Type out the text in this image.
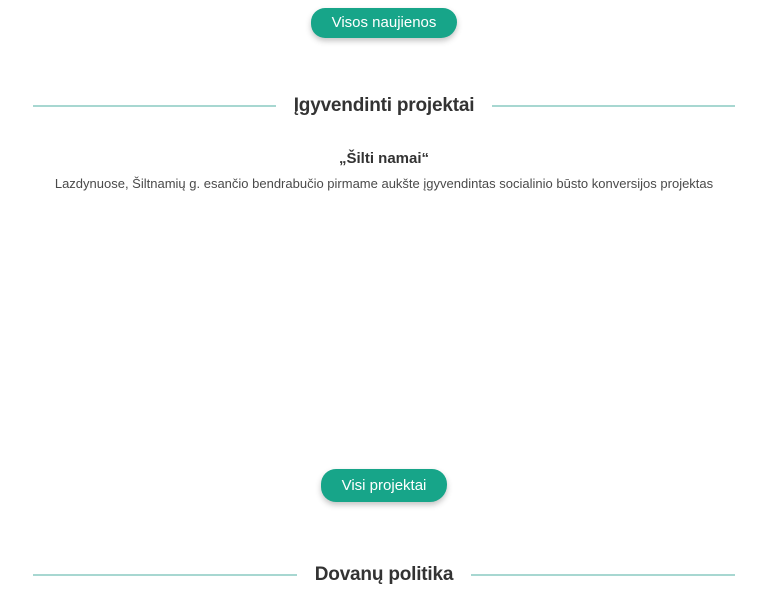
Visos naujienos
Įgyvendinti projektai
„Šilti namai“
Lazdynuose, Šiltnamių g. esančio bendrabučio pirmame aukšte įgyvendintas socialinio būsto konversijos projektas
Visi projektai
Dovanų politika
